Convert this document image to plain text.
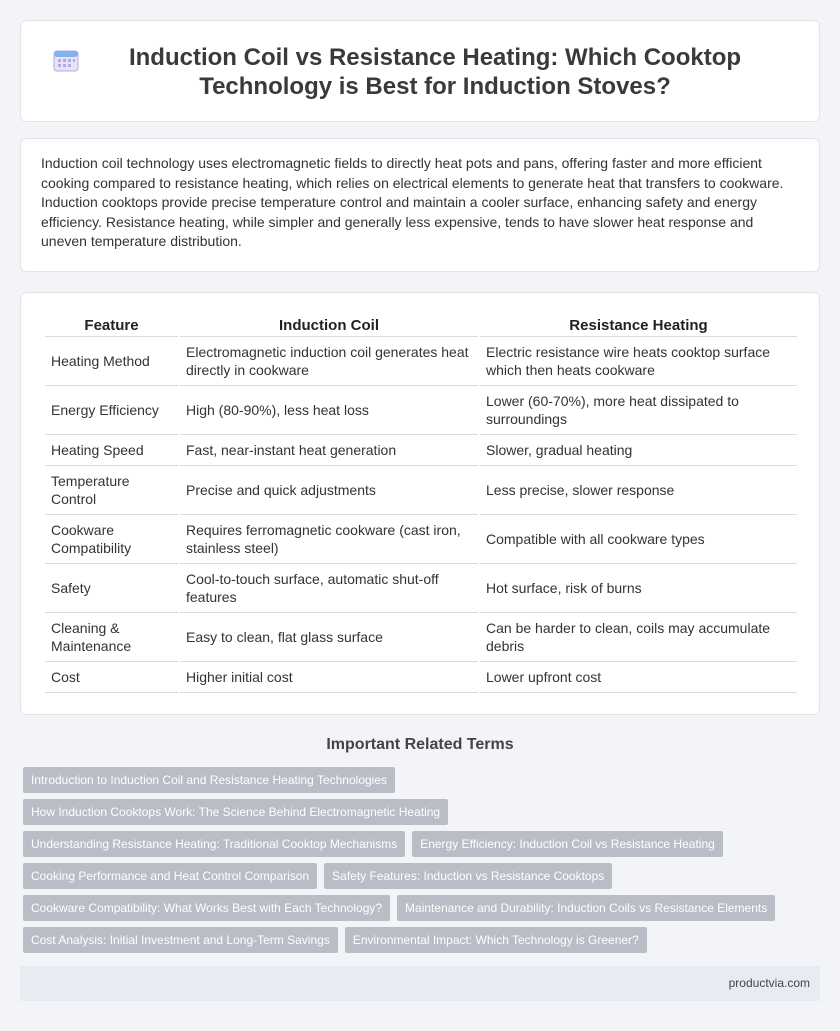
Induction Coil vs Resistance Heating: Which Cooktop Technology is Best for Induction Stoves?

Induction coil technology uses electromagnetic fields to directly heat pots and pans, offering faster and more efficient cooking compared to resistance heating, which relies on electrical elements to generate heat that transfers to cookware. Induction cooktops provide precise temperature control and maintain a cooler surface, enhancing safety and energy efficiency. Resistance heating, while simpler and generally less expensive, tends to have slower heat response and uneven temperature distribution.

Feature	Induction Coil	Resistance Heating
Heating Method	Electromagnetic induction coil generates heat directly in cookware	Electric resistance wire heats cooktop surface which then heats cookware
Energy Efficiency	High (80-90%), less heat loss	Lower (60-70%), more heat dissipated to surroundings
Heating Speed	Fast, near-instant heat generation	Slower, gradual heating
Temperature Control	Precise and quick adjustments	Less precise, slower response
Cookware Compatibility	Requires ferromagnetic cookware (cast iron, stainless steel)	Compatible with all cookware types
Safety	Cool-to-touch surface, automatic shut-off features	Hot surface, risk of burns
Cleaning & Maintenance	Easy to clean, flat glass surface	Can be harder to clean, coils may accumulate debris
Cost	Higher initial cost	Lower upfront cost
Important Related Terms
Introduction to Induction Coil and Resistance Heating Technologies
How Induction Cooktops Work: The Science Behind Electromagnetic Heating
Understanding Resistance Heating: Traditional Cooktop Mechanisms	Energy Efficiency: Induction Coil vs Resistance Heating
Cooking Performance and Heat Control Comparison	Safety Features: Induction vs Resistance Cooktops
Cookware Compatibility: What Works Best with Each Technology?	Maintenance and Durability: Induction Coils vs Resistance Elements
Cost Analysis: Initial Investment and Long-Term Savings	Environmental Impact: Which Technology is Greener?
productvia.com
